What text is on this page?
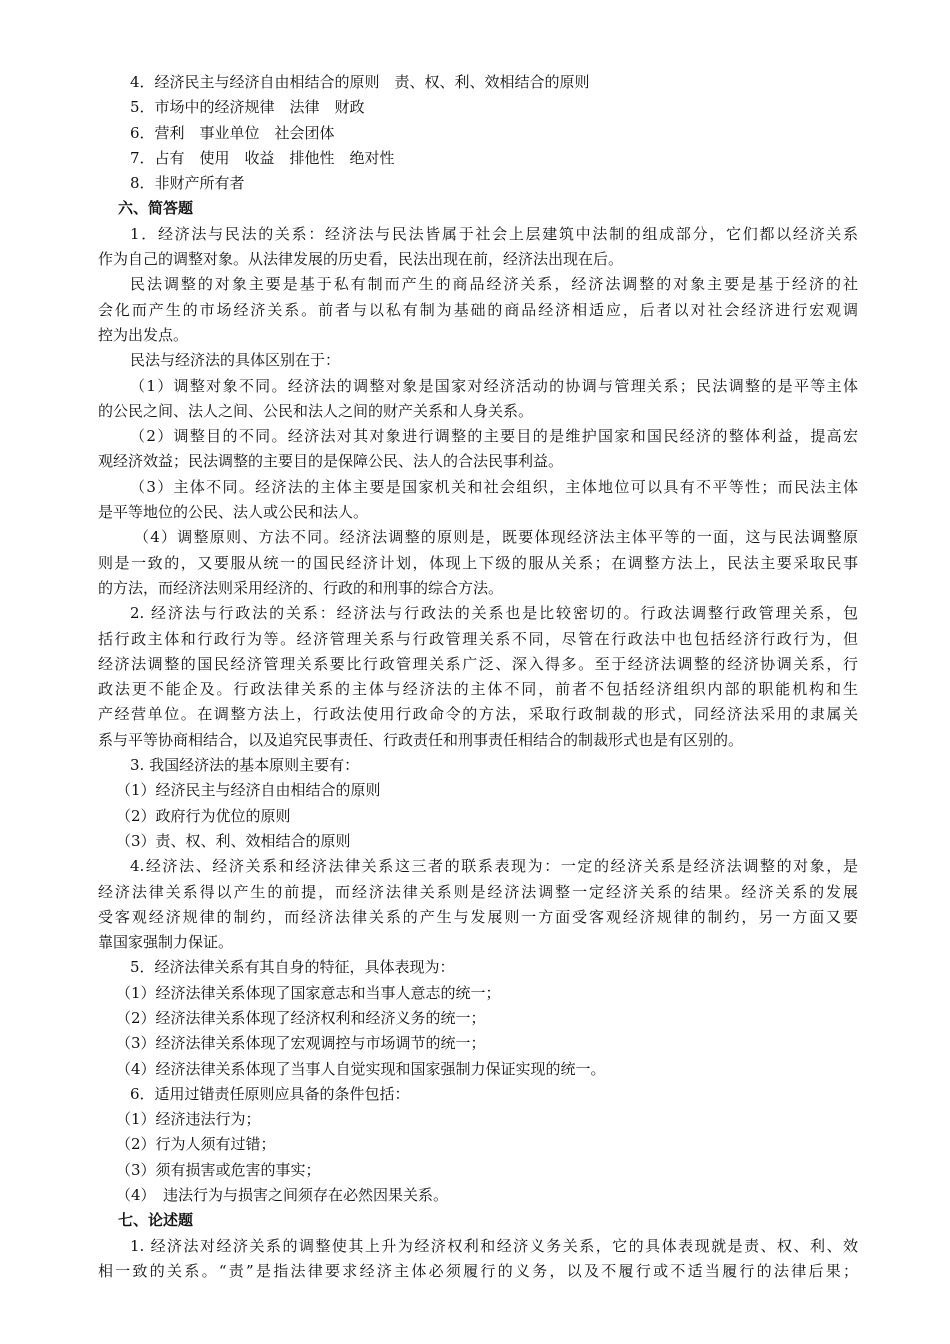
4．经济民主与经济自由相结合的原则　责、权、利、效相结合的原则
5．市场中的经济规律　法律　财政
6．营利　事业单位　社会团体
7．占有　使用　收益　排他性　绝对性
8．非财产所有者
六、简答题
1．经济法与民法的关系：经济法与民法皆属于社会上层建筑中法制的组成部分，它们都以经济关系
作为自己的调整对象。从法律发展的历史看，民法出现在前，经济法出现在后。
民法调整的对象主要是基于私有制而产生的商品经济关系，经济法调整的对象主要是基于经济的社
会化而产生的市场经济关系。前者与以私有制为基础的商品经济相适应，后者以对社会经济进行宏观调
控为出发点。
民法与经济法的具体区别在于：
（1）调整对象不同。经济法的调整对象是国家对经济活动的协调与管理关系；民法调整的是平等主体
的公民之间、法人之间、公民和法人之间的财产关系和人身关系。
（2）调整目的不同。经济法对其对象进行调整的主要目的是维护国家和国民经济的整体利益，提高宏
观经济效益；民法调整的主要目的是保障公民、法人的合法民事利益。
（3）主体不同。经济法的主体主要是国家机关和社会组织，主体地位可以具有不平等性；而民法主体
是平等地位的公民、法人或公民和法人。
（4）调整原则、方法不同。经济法调整的原则是，既要体现经济法主体平等的一面，这与民法调整原
则是一致的，又要服从统一的国民经济计划，体现上下级的服从关系；在调整方法上，民法主要采取民事
的方法，而经济法则采用经济的、行政的和刑事的综合方法。
2. 经济法与行政法的关系：经济法与行政法的关系也是比较密切的。行政法调整行政管理关系，包
括行政主体和行政行为等。经济管理关系与行政管理关系不同，尽管在行政法中也包括经济行政行为，但
经济法调整的国民经济管理关系要比行政管理关系广泛、深入得多。至于经济法调整的经济协调关系，行
政法更不能企及。行政法律关系的主体与经济法的主体不同，前者不包括经济组织内部的职能机构和生
产经营单位。在调整方法上，行政法使用行政命令的方法，采取行政制裁的形式，同经济法采用的隶属关
系与平等协商相结合，以及追究民事责任、行政责任和刑事责任相结合的制裁形式也是有区别的。
3. 我国经济法的基本原则主要有：
（1）经济民主与经济自由相结合的原则
（2）政府行为优位的原则
（3）责、权、利、效相结合的原则
4.经济法、经济关系和经济法律关系这三者的联系表现为：一定的经济关系是经济法调整的对象，是
经济法律关系得以产生的前提，而经济法律关系则是经济法调整一定经济关系的结果。经济关系的发展
受客观经济规律的制约，而经济法律关系的产生与发展则一方面受客观经济规律的制约，另一方面又要
靠国家强制力保证。
5．经济法律关系有其自身的特征，具体表现为：
（1）经济法律关系体现了国家意志和当事人意志的统一；
（2）经济法律关系体现了经济权利和经济义务的统一；
（3）经济法律关系体现了宏观调控与市场调节的统一；
（4）经济法律关系体现了当事人自觉实现和国家强制力保证实现的统一。
6．适用过错责任原则应具备的条件包括：
（1）经济违法行为；
（2）行为人须有过错；
（3）须有损害或危害的事实；
（4）　违法行为与损害之间须存在必然因果关系。
七、论述题
1. 经济法对经济关系的调整使其上升为经济权利和经济义务关系，它的具体表现就是责、权、利、效
相一致的关系。“责”是指法律要求经济主体必须履行的义务，以及不履行或不适当履行的法律后果；
